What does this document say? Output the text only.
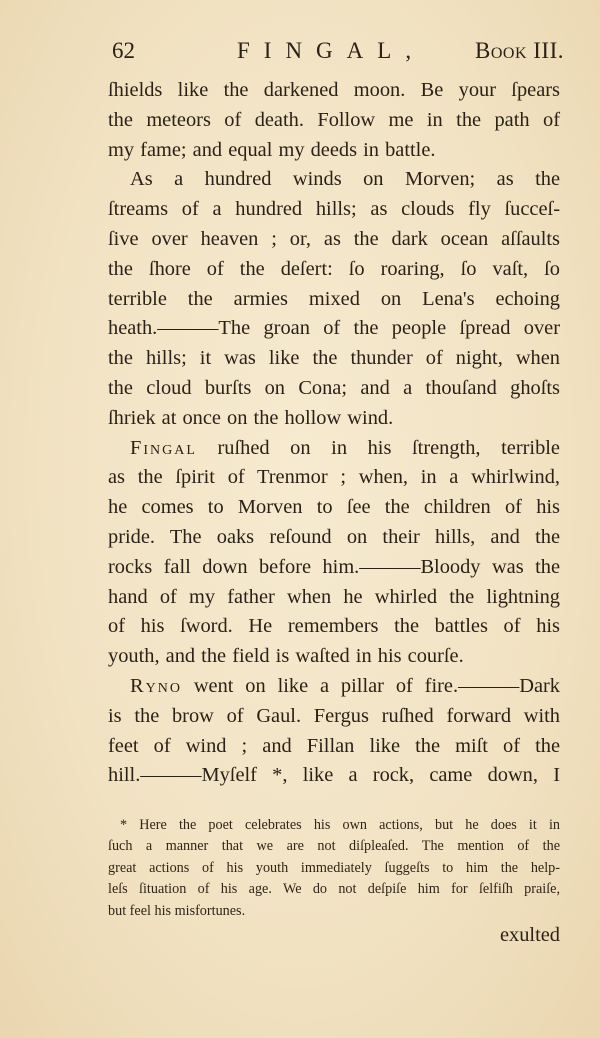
62	FINGAL, Book III.
ſhields like the darkened moon. Be your ſpears
the meteors of death. Follow me in the path of
my fame; and equal my deeds in battle.
As a hundred winds on Morven; as the
ſtreams of a hundred hills; as clouds fly ſucceſ-
ſive over heaven ; or, as the dark ocean aſſaults
the ſhore of the deſert: ſo roaring, ſo vaſt, ſo
terrible the armies mixed on Lena's echoing
heath.———The groan of the people ſpread over
the hills; it was like the thunder of night, when
the cloud burſts on Cona; and a thouſand ghoſts
ſhriek at once on the hollow wind.
Fingal ruſhed on in his ſtrength, terrible
as the ſpirit of Trenmor ; when, in a whirlwind,
he comes to Morven to ſee the children of his
pride. The oaks reſound on their hills, and the
rocks fall down before him.———Bloody was the
hand of my father when he whirled the lightning
of his ſword. He remembers the battles of his
youth, and the field is waſted in his courſe.
Ryno went on like a pillar of fire.———Dark
is the brow of Gaul. Fergus ruſhed forward with
feet of wind ; and Fillan like the miſt of the
hill.———Myſelf *, like a rock, came down, I
* Here the poet celebrates his own actions, but he does it in
ſuch a manner that we are not diſpleaſed. The mention of the
great actions of his youth immediately ſuggeſts to him the help-
leſs ſituation of his age. We do not deſpiſe him for ſelfiſh praiſe,
but feel his misfortunes.
exulted
